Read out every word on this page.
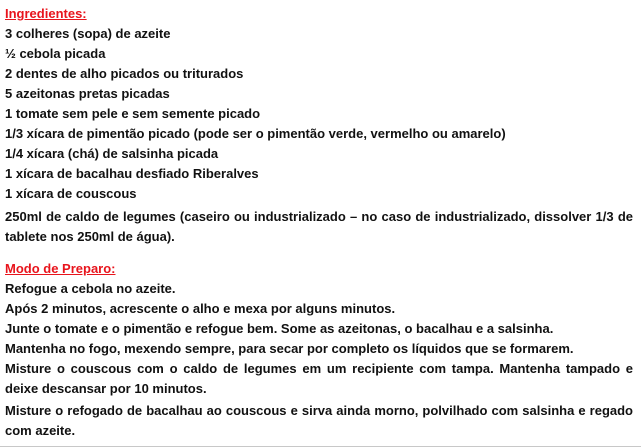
Ingredientes:
3 colheres (sopa) de azeite
½ cebola picada
2 dentes de alho picados ou triturados
5 azeitonas pretas picadas
1 tomate sem pele e sem semente picado
1/3 xícara de pimentão picado (pode ser o pimentão verde, vermelho ou amarelo)
1/4 xícara (chá) de salsinha picada
1 xícara de bacalhau desfiado Riberalves
1 xícara de couscous
250ml de caldo de legumes (caseiro ou industrializado – no caso de industrializado, dissolver 1/3 de tablete nos 250ml de água).
Modo de Preparo:
Refogue a cebola no azeite.
Após 2 minutos, acrescente o alho e mexa por alguns minutos.
Junte o tomate e o pimentão e refogue bem. Some as azeitonas, o bacalhau e a salsinha.
Mantenha no fogo, mexendo sempre, para secar por completo os líquidos que se formarem.
Misture o couscous com o caldo de legumes em um recipiente com tampa. Mantenha tampado e deixe descansar por 10 minutos.
Misture o refogado de bacalhau ao couscous e sirva ainda morno, polvilhado com salsinha e regado com azeite.
